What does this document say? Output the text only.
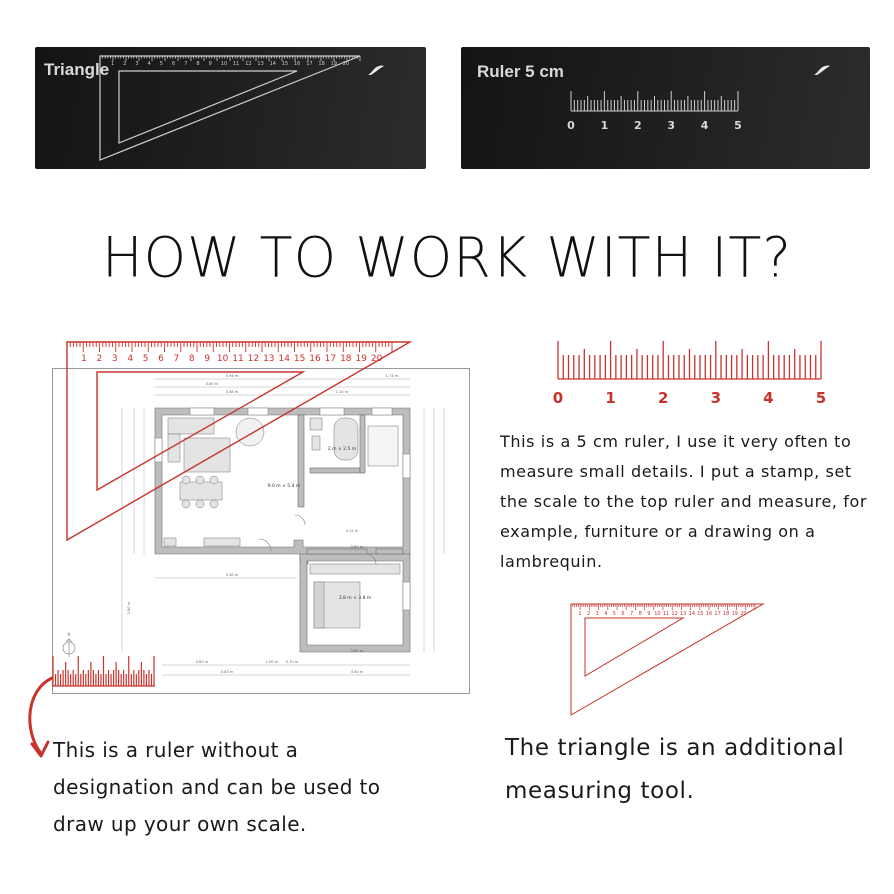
1 2 3 4 5 6 7 8 9 10 11 12 13 14 15 16 17 18 19 20
Triangle	Ruler 5 cm
0 1 2 3 4 5
HOW TO WORK WITH IT?
9.0 m × 5.4 m
2 m × 2.5 m
3.8 m × 3.8 m
5.94 m
3.80 m
3.48 m	2.10 m
3.80 m	1.00 m 0.70 m
3.80 m
4.40 m
0.83 m
4.12 m
2.62 m
3.30 m
3.80 m
1.74 m
N
1 2 3 4 5 6 7 8 9 10 11 12 13 14 15 16 17 18 19 20
0	1	2	3	4	5
1 2 3 4 5 6 7 8 9 10 11 12 13 14 15 16 17 18 19 20
This is a 5 cm ruler, I use it very often to measure small details. I put a stamp, set the scale to the top ruler and measure, for example, furniture or a drawing on a lambrequin.
This is a ruler without a designation and can be used to draw up your own scale.
The triangle is an additional measuring tool.
